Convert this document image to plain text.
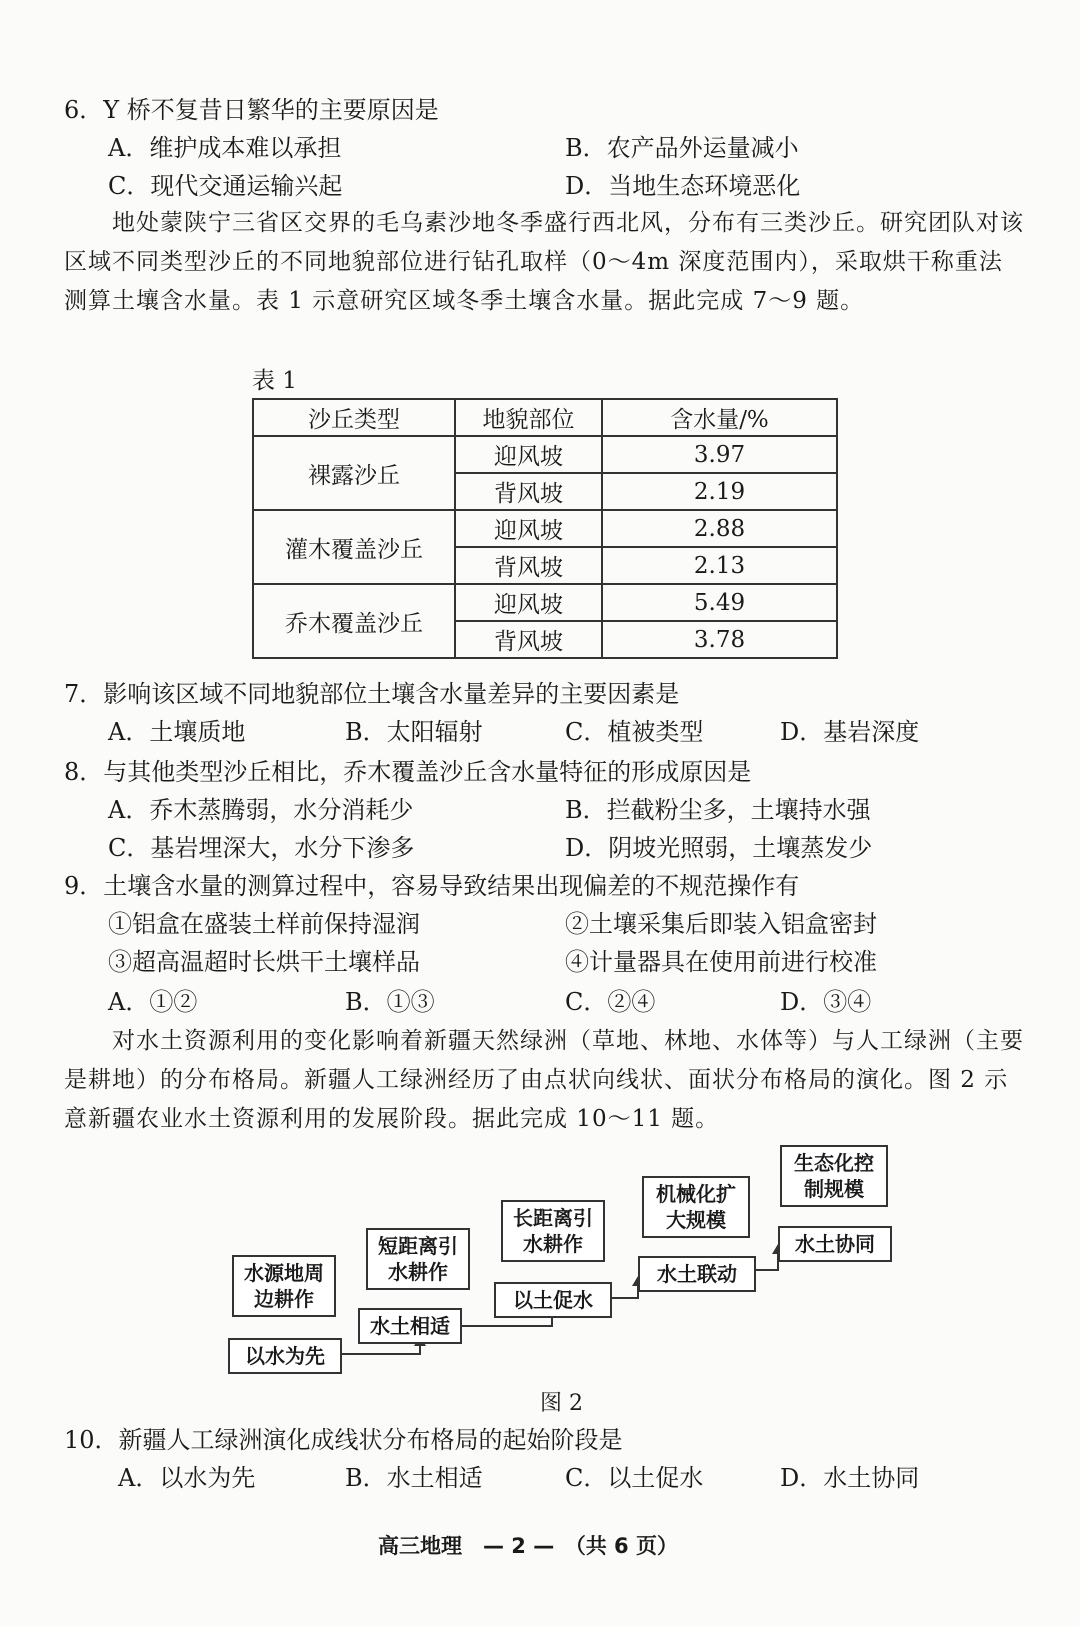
6．Y 桥不复昔日繁华的主要原因是
A．维护成本难以承担	B．农产品外运量减小
C．现代交通运输兴起	D．当地生态环境恶化

地处蒙陕宁三省区交界的毛乌素沙地冬季盛行西北风，分布有三类沙丘。研究团队对该区域不同类型沙丘的不同地貌部位进行钻孔取样（0～4m 深度范围内），采取烘干称重法测算土壤含水量。表 1 示意研究区域冬季土壤含水量。据此完成 7～9 题。

表 1
沙丘类型	地貌部位	含水量/%
裸露沙丘	迎风坡	3.97
	背风坡	2.19
灌木覆盖沙丘	迎风坡	2.88
	背风坡	2.13
乔木覆盖沙丘	迎风坡	5.49
	背风坡	3.78
7．影响该区域不同地貌部位土壤含水量差异的主要因素是
A．土壤质地	B．太阳辐射	C．植被类型	D．基岩深度
8．与其他类型沙丘相比，乔木覆盖沙丘含水量特征的形成原因是
A．乔木蒸腾弱，水分消耗少	B．拦截粉尘多，土壤持水强
C．基岩埋深大，水分下渗多	D．阴坡光照弱，土壤蒸发少
9．土壤含水量的测算过程中，容易导致结果出现偏差的不规范操作有
①铝盒在盛装土样前保持湿润	②土壤采集后即装入铝盒密封
③超高温超时长烘干土壤样品	④计量器具在使用前进行校准
A．①②	B．①③	C．②④	D．③④

对水土资源利用的变化影响着新疆天然绿洲（草地、林地、水体等）与人工绿洲（主要是耕地）的分布格局。新疆人工绿洲经历了由点状向线状、面状分布格局的演化。图 2 示意新疆农业水土资源利用的发展阶段。据此完成 10～11 题。

水源地周边耕作
短距离引水耕作
长距离引水耕作
机械化扩大规模
生态化控制规模
以水为先
水土相适
以土促水
水土联动
水土协同
图 2
10．新疆人工绿洲演化成线状分布格局的起始阶段是
A．以水为先	B．水土相适	C．以土促水	D．水土协同
高三地理　— 2 —　（共 6 页）
